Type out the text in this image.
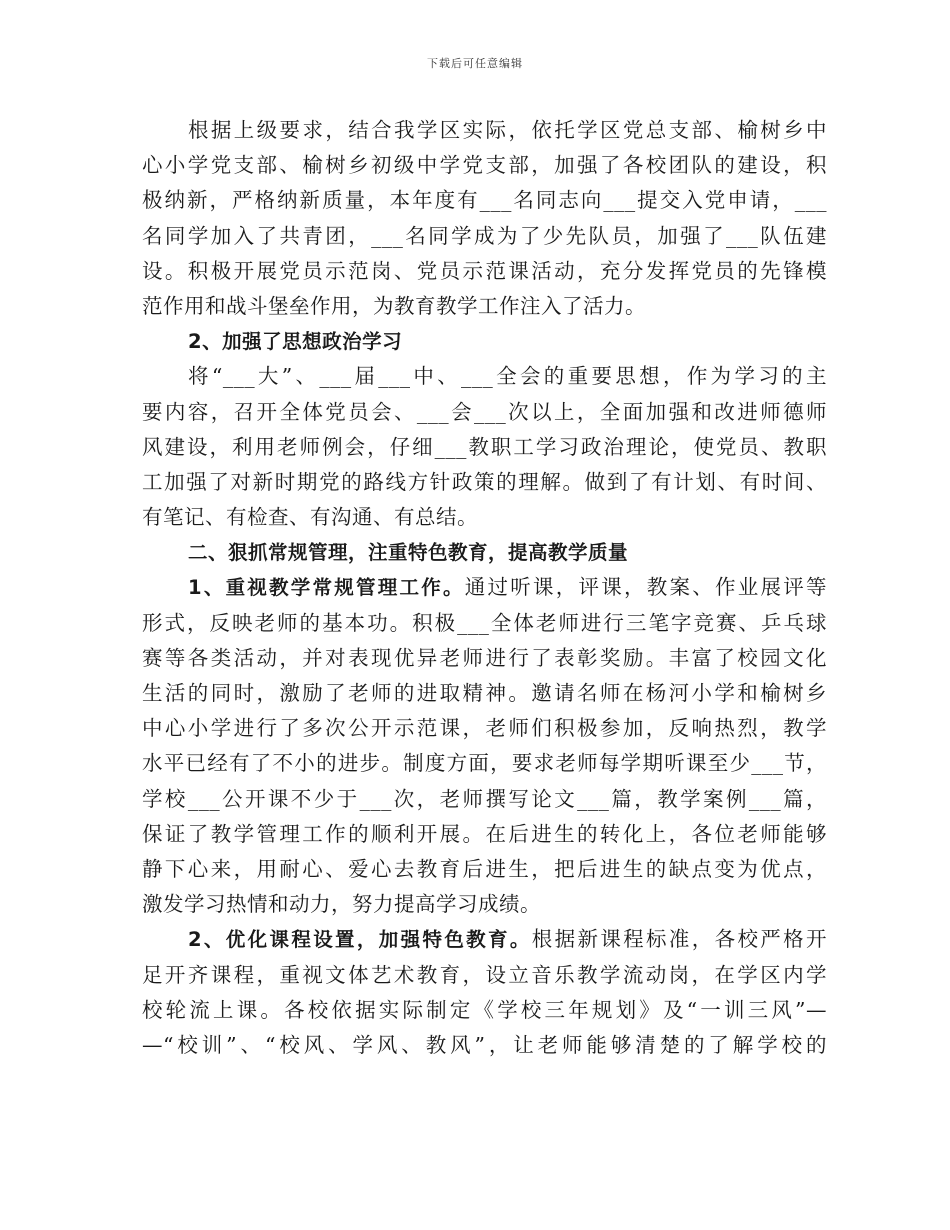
下载后可任意编辑
根据上级要求，结合我学区实际，依托学区党总支部、榆树乡中
心小学党支部、榆树乡初级中学党支部，加强了各校团队的建设，积
极纳新，严格纳新质量，本年度有___名同志向___提交入党申请，___
名同学加入了共青团，___名同学成为了少先队员，加强了___队伍建
设。积极开展党员示范岗、党员示范课活动，充分发挥党员的先锋模
范作用和战斗堡垒作用，为教育教学工作注入了活力。
2、加强了思想政治学习
将“___大”、___届___中、___全会的重要思想，作为学习的主
要内容，召开全体党员会、___会___次以上，全面加强和改进师德师
风建设，利用老师例会，仔细___教职工学习政治理论，使党员、教职
工加强了对新时期党的路线方针政策的理解。做到了有计划、有时间、
有笔记、有检查、有沟通、有总结。
二、狠抓常规管理，注重特色教育，提高教学质量
1、重视教学常规管理工作。通过听课，评课，教案、作业展评等
形式，反映老师的基本功。积极___全体老师进行三笔字竞赛、乒乓球
赛等各类活动，并对表现优异老师进行了表彰奖励。丰富了校园文化
生活的同时，激励了老师的进取精神。邀请名师在杨河小学和榆树乡
中心小学进行了多次公开示范课，老师们积极参加，反响热烈，教学
水平已经有了不小的进步。制度方面，要求老师每学期听课至少___节，
学校___公开课不少于___次，老师撰写论文___篇，教学案例___篇，
保证了教学管理工作的顺利开展。在后进生的转化上，各位老师能够
静下心来，用耐心、爱心去教育后进生，把后进生的缺点变为优点，
激发学习热情和动力，努力提高学习成绩。
2、优化课程设置，加强特色教育。根据新课程标准，各校严格开
足开齐课程，重视文体艺术教育，设立音乐教学流动岗，在学区内学
校轮流上课。各校依据实际制定《学校三年规划》及“一训三风”—
—“校训”、“校风、学风、教风”，让老师能够清楚的了解学校的
